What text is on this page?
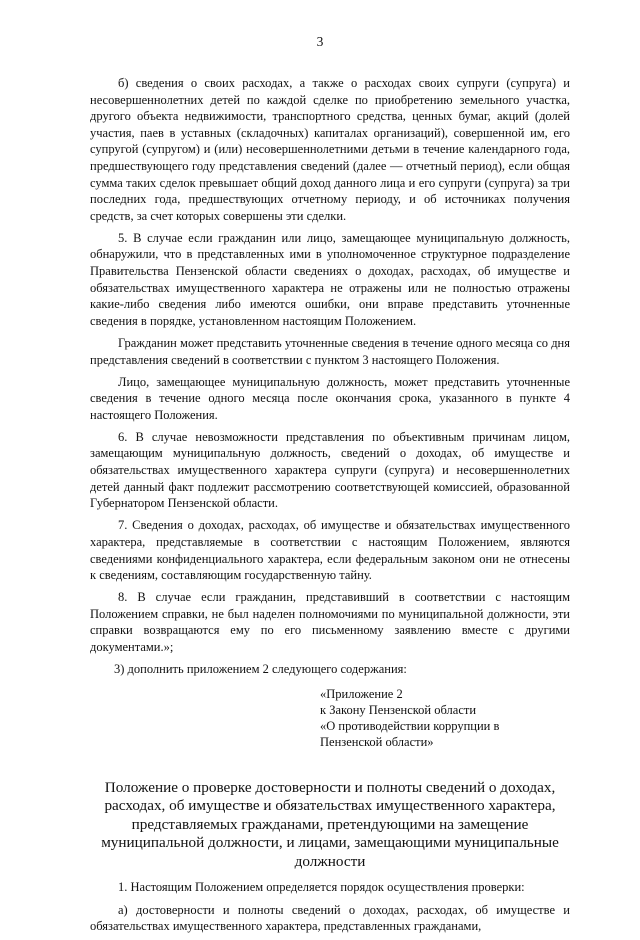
3

б) сведения о своих расходах, а также о расходах своих супруги (супруга) и несовершеннолетних детей по каждой сделке по приобретению земельного участка, другого объекта недвижимости, транспортного средства, ценных бумаг, акций (долей участия, паев в уставных (складочных) капиталах организаций), совершенной им, его супругой (супругом) и (или) несовершеннолетними детьми в течение календарного года, предшествующего году представления сведений (далее — отчетный период), если общая сумма таких сделок превышает общий доход данного лица и его супруги (супруга) за три последних года, предшествующих отчетному периоду, и об источниках получения средств, за счет которых совершены эти сделки.

5. В случае если гражданин или лицо, замещающее муниципальную должность, обнаружили, что в представленных ими в уполномоченное структурное подразделение Правительства Пензенской области сведениях о доходах, расходах, об имуществе и обязательствах имущественного характера не отражены или не полностью отражены какие-либо сведения либо имеются ошибки, они вправе представить уточненные сведения в порядке, установленном настоящим Положением.

Гражданин может представить уточненные сведения в течение одного месяца со дня представления сведений в соответствии с пунктом 3 настоящего Положения.

Лицо, замещающее муниципальную должность, может представить уточненные сведения в течение одного месяца после окончания срока, указанного в пункте 4 настоящего Положения.

6. В случае невозможности представления по объективным причинам лицом, замещающим муниципальную должность, сведений о доходах, об имуществе и обязательствах имущественного характера супруги (супруга) и несовершеннолетних детей данный факт подлежит рассмотрению соответствующей комиссией, образованной Губернатором Пензенской области.

7. Сведения о доходах, расходах, об имуществе и обязательствах имущественного характера, представляемые в соответствии с настоящим Положением, являются сведениями конфиденциального характера, если федеральным законом они не отнесены к сведениям, составляющим государственную тайну.

8. В случае если гражданин, представивший в соответствии с настоящим Положением справки, не был наделен полномочиями по муниципальной должности, эти справки возвращаются ему по его письменному заявлению вместе с другими документами.»;

3) дополнить приложением 2 следующего содержания:

«Приложение 2
к Закону Пензенской области
«О противодействии коррупции в
Пензенской области»
Положение о проверке достоверности и полноты сведений о доходах, расходах, об имуществе и обязательствах имущественного характера, представляемых гражданами, претендующими на замещение муниципальной должности, и лицами, замещающими муниципальные должности

1. Настоящим Положением определяется порядок осуществления проверки:

а) достоверности и полноты сведений о доходах, расходах, об имуществе и обязательствах имущественного характера, представленных гражданами,
